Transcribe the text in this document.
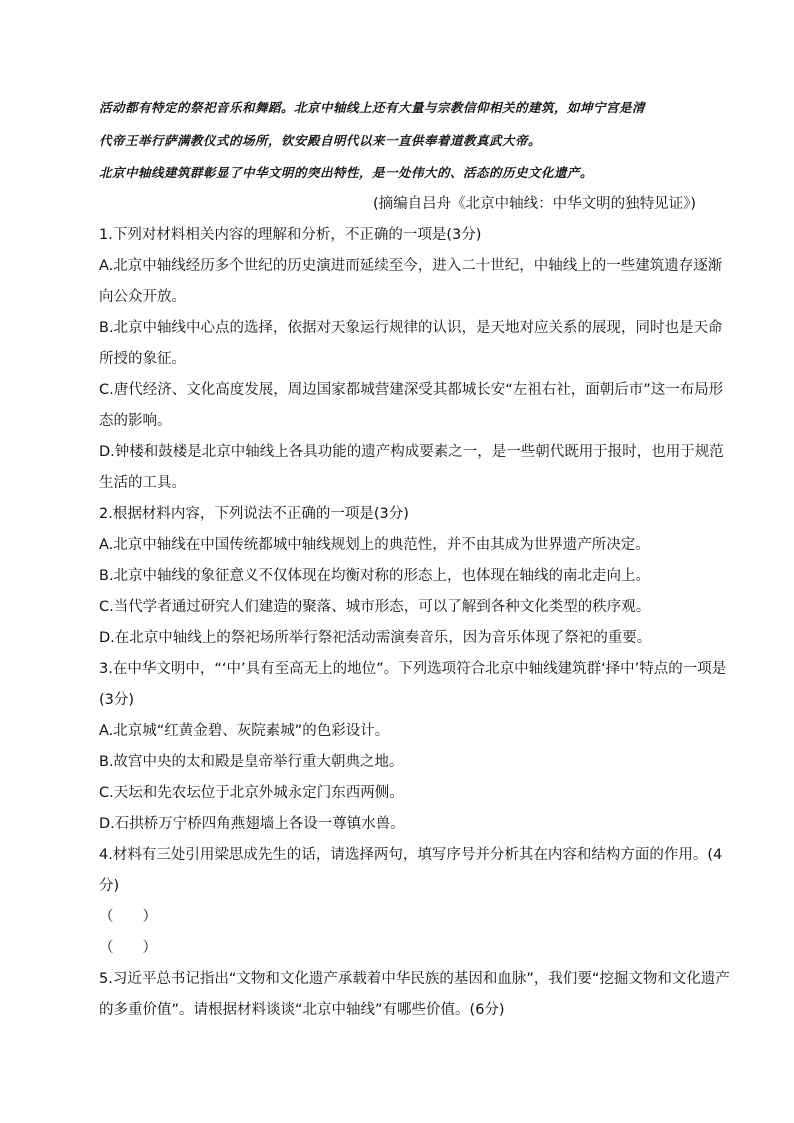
活动都有特定的祭祀音乐和舞蹈。北京中轴线上还有大量与宗教信仰相关的建筑，如坤宁宫是清
代帝王举行萨满教仪式的场所，钦安殿自明代以来一直供奉着道教真武大帝。
北京中轴线建筑群彰显了中华文明的突出特性，是一处伟大的、活态的历史文化遗产。
(摘编自吕舟《北京中轴线：中华文明的独特见证》)
1.下列对材料相关内容的理解和分析，不正确的一项是(3分)
A.北京中轴线经历多个世纪的历史演进而延续至今，进入二十世纪，中轴线上的一些建筑遗存逐渐
向公众开放。
B.北京中轴线中心点的选择，依据对天象运行规律的认识，是天地对应关系的展现，同时也是天命
所授的象征。
C.唐代经济、文化高度发展，周边国家都城营建深受其都城长安“左祖右社，面朝后市”这一布局形
态的影响。
D.钟楼和鼓楼是北京中轴线上各具功能的遗产构成要素之一，是一些朝代既用于报时，也用于规范
生活的工具。
2.根据材料内容，下列说法不正确的一项是(3分)
A.北京中轴线在中国传统都城中轴线规划上的典范性，并不由其成为世界遗产所决定。
B.北京中轴线的象征意义不仅体现在均衡对称的形态上，也体现在轴线的南北走向上。
C.当代学者通过研究人们建造的聚落、城市形态，可以了解到各种文化类型的秩序观。
D.在北京中轴线上的祭祀场所举行祭祀活动需演奏音乐，因为音乐体现了祭祀的重要。
3.在中华文明中，“‘中’具有至高无上的地位”。下列选项符合北京中轴线建筑群‘择中’特点的一项是
(3分)
A.北京城“红黄金碧、灰院素城”的色彩设计。
B.故宫中央的太和殿是皇帝举行重大朝典之地。
C.天坛和先农坛位于北京外城永定门东西两侧。
D.石拱桥万宁桥四角燕翅墙上各设一尊镇水兽。
4.材料有三处引用梁思成先生的话，请选择两句，填写序号并分析其在内容和结构方面的作用。(4
分)
（　　）
（　　）
5.习近平总书记指出“文物和文化遗产承载着中华民族的基因和血脉”，我们要“挖掘文物和文化遗产
的多重价值”。请根据材料谈谈“北京中轴线”有哪些价值。(6分)
